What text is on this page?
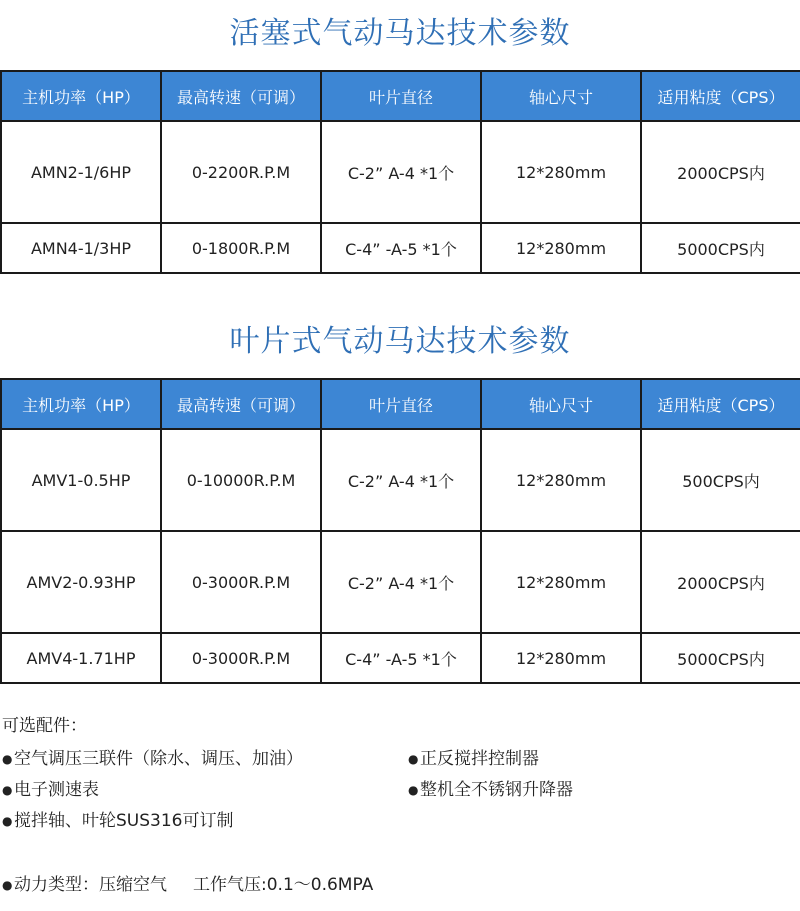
活塞式气动马达技术参数
主机功率（HP）	最高转速（可调）	叶片直径	轴心尺寸	适用粘度（CPS）
AMN2-1/6HP	0-2200R.P.M	C-2” A-4 *1个	12*280mm	2000CPS内
AMN4-1/3HP	0-1800R.P.M	C-4” -A-5 *1个	12*280mm	5000CPS内
叶片式气动马达技术参数
主机功率（HP）	最高转速（可调）	叶片直径	轴心尺寸	适用粘度（CPS）
AMV1-0.5HP	0-10000R.P.M	C-2” A-4 *1个	12*280mm	500CPS内
AMV2-0.93HP	0-3000R.P.M	C-2” A-4 *1个	12*280mm	2000CPS内
AMV4-1.71HP	0-3000R.P.M	C-4” -A-5 *1个	12*280mm	5000CPS内
可选配件：
●空气调压三联件（除水、调压、加油）	●正反搅拌控制器
●电子测速表	●整机全不锈钢升降器
●搅拌轴、叶轮SUS316可订制
●动力类型：压缩空气 工作气压:0.1～0.6MPA
